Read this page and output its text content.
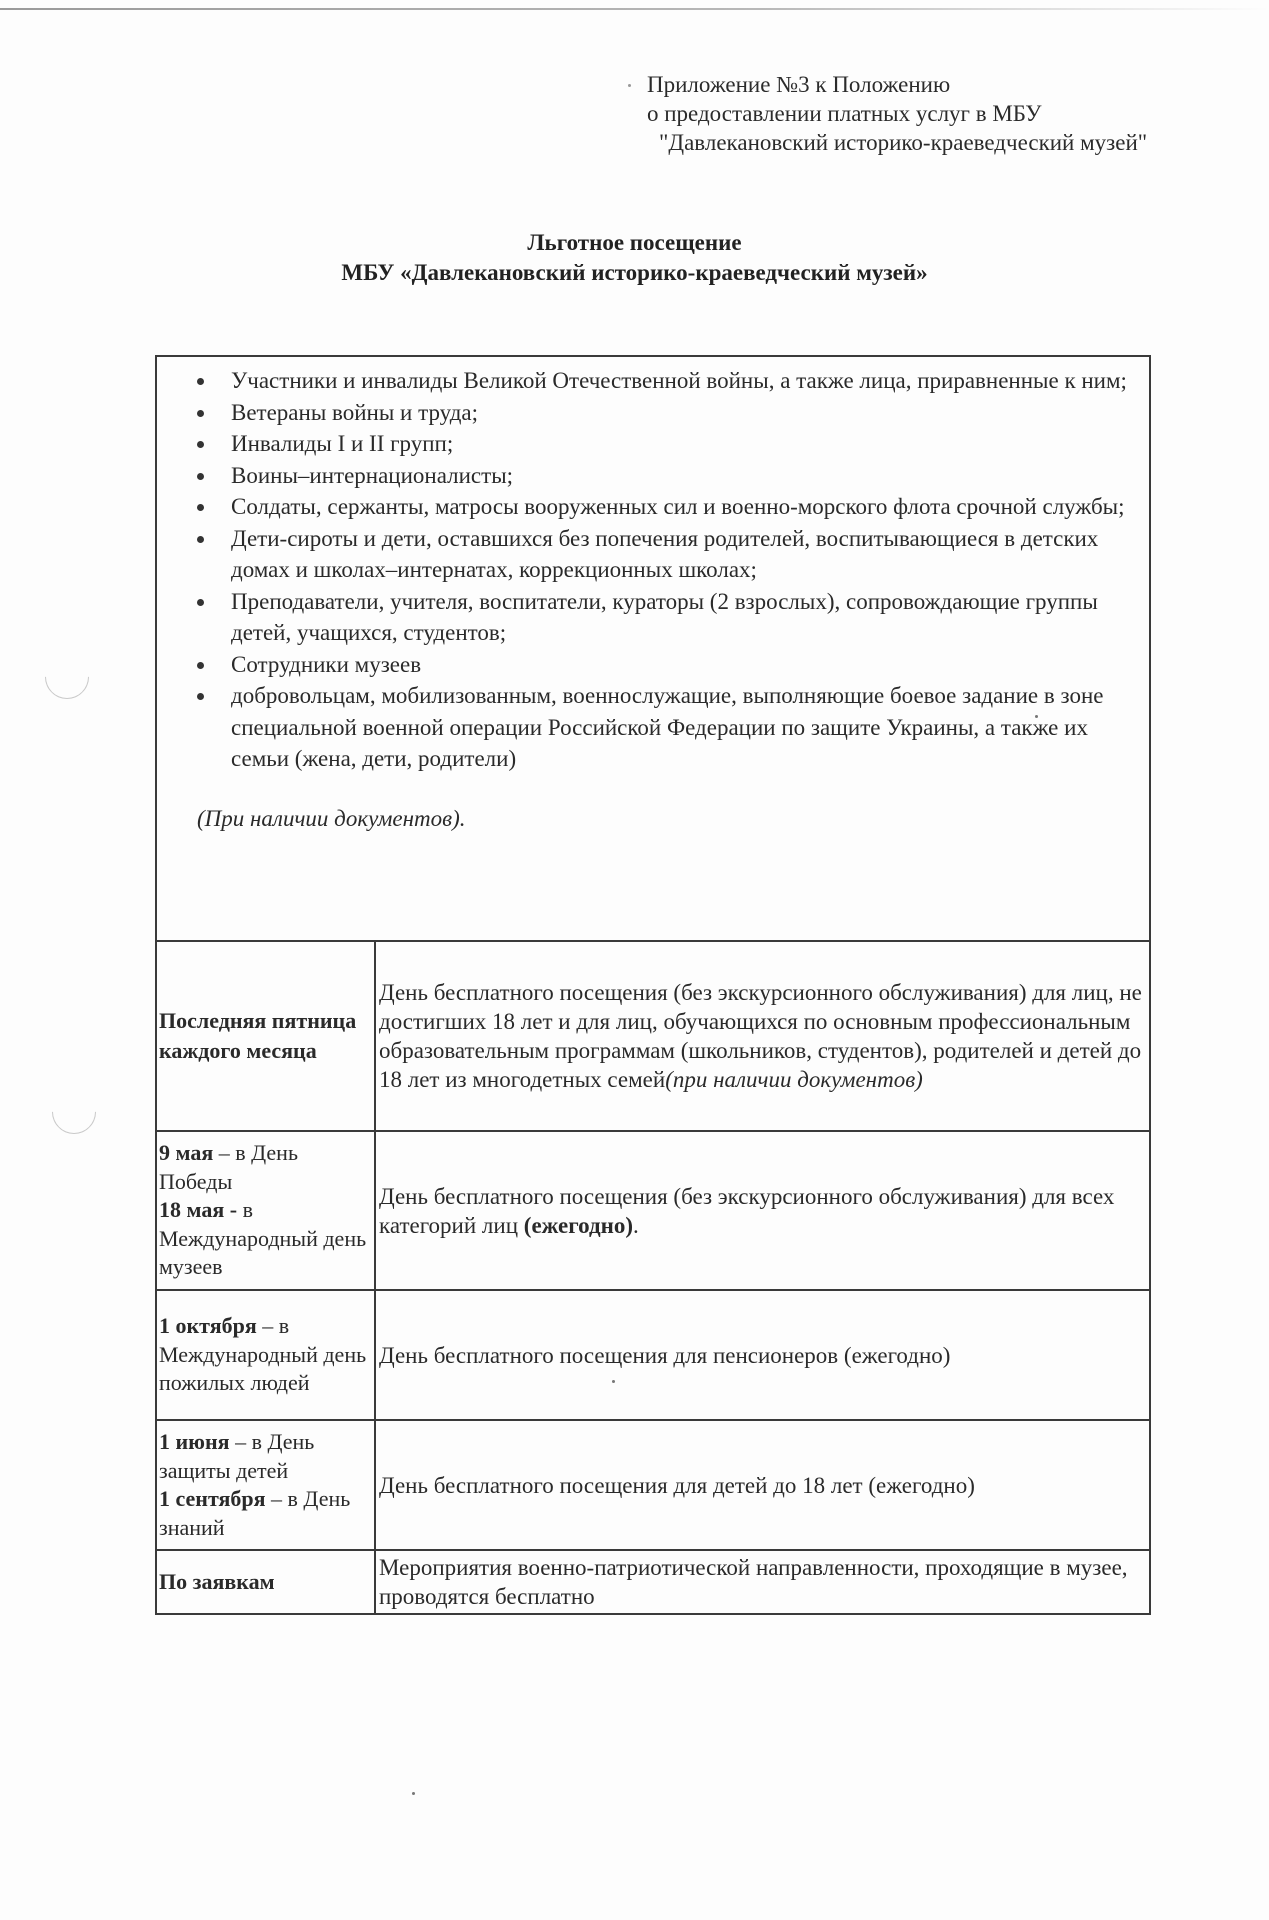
Приложение №3 к Положению
о предоставлении платных услуг в МБУ
"Давлекановский историко-краеведческий музей"
Льготное посещение
МБУ «Давлекановский историко-краеведческий музей»
Участники и инвалиды Великой Отечественной войны, а также лица, приравненные к ним;
Ветераны войны и труда;
Инвалиды I и II групп;
Воины–интернационалисты;
Солдаты, сержанты, матросы вооруженных сил и военно-морского флота срочной службы;
Дети-сироты и дети, оставшихся без попечения родителей, воспитывающиеся в детских домах и школах–интернатах, коррекционных школах;
Преподаватели, учителя, воспитатели, кураторы (2 взрослых), сопровождающие группы детей, учащихся, студентов;
Сотрудники музеев
добровольцам, мобилизованным, военнослужащие, выполняющие боевое задание в зоне специальной военной операции Российской Федерации по защите Украины, а также их семьи (жена, дети, родители)
(При наличии документов).

Последняя пятница каждого месяца	День бесплатного посещения (без экскурсионного обслуживания) для лиц, не достигших 18 лет и для лиц, обучающихся по основным профессиональным образовательным программам (школьников, студентов), родителей и детей до 18 лет из многодетных семей(при наличии документов)
9 мая – в День Победы
18 мая - в Международный день музеев	День бесплатного посещения (без экскурсионного обслуживания) для всех категорий лиц (ежегодно).
1 октября – в Международный день пожилых людей	День бесплатного посещения для пенсионеров (ежегодно)
1 июня – в День защиты детей
1 сентября – в День знаний	День бесплатного посещения для детей до 18 лет (ежегодно)
По заявкам	Мероприятия военно-патриотической направленности, проходящие в музее, проводятся бесплатно
